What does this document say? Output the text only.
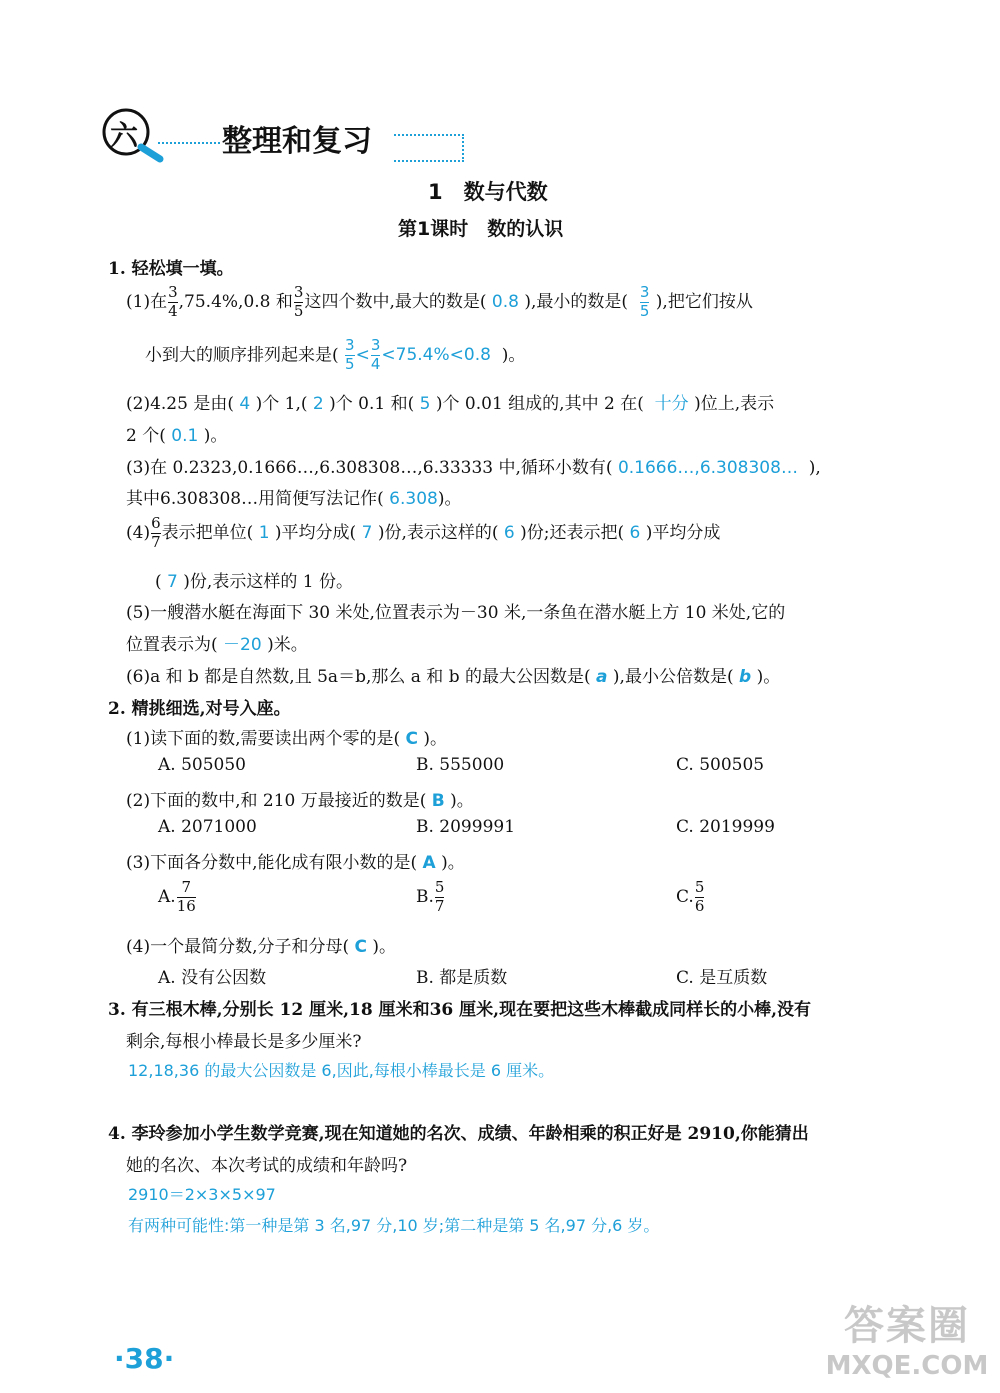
六	整理和复习
1　数与代数
第1课时　数的认识
1. 轻松填一填。
(1)在 $\frac{3}{4} ,75.4\%,0.8$ 和 $\frac{3}{5}$ 这四个数中,最大的数是( 0.8 ),最小的数是( $\frac{3}{5}$ ),把它们按从
小到大的顺序排列起来是( $\frac{3}{5} < \frac{3}{4} <75.4\%<0.8$ )。
(2)4.25 是由( 4 )个 1,( 2 )个 0.1 和( 5 )个 0.01 组成的,其中 2 在( 十分 )位上,表示
2 个( 0.1 )。
(3)在 0.2323,0.1666…,6.308308…,6.33333 中,循环小数有( 0.1666…,6.308308… ),
其中6.308308…用简便写法记作( 6.308)。
$(4) \frac{6}{7}$ 表示把单位( 1 )平均分成( 7 )份,表示这样的( 6 )份;还表示把( 6 )平均分成
( 7 )份,表示这样的 1 份。
(5)一艘潜水艇在海面下 30 米处,位置表示为－30 米,一条鱼在潜水艇上方 10 米处,它的
位置表示为( －20 )米。
(6)a 和 b 都是自然数,且 5a＝b,那么 a 和 b 的最大公因数是( a ),最小公倍数是( b )。
2. 精挑细选,对号入座。
(1)读下面的数,需要读出两个零的是( C )。
A. 505050	B. 555000	C. 500505
(2)下面的数中,和 210 万最接近的数是( B )。
A. 2071000	B. 2099991	C. 2019999
(3)下面各分数中,能化成有限小数的是( A )。
A. $\frac{7}{16}$	B. $\frac{5}{7}$	C. $\frac{5}{6}$
(4)一个最简分数,分子和分母( C )。
A. 没有公因数	B. 都是质数	C. 是互质数
3. 有三根木棒,分别长 12 厘米,18 厘米和36 厘米,现在要把这些木棒截成同样长的小棒,没有
剩余,每根小棒最长是多少厘米?
12,18,36 的最大公因数是 6,因此,每根小棒最长是 6 厘米。
4. 李玲参加小学生数学竞赛,现在知道她的名次、成绩、年龄相乘的积正好是 2910,你能猜出
她的名次、本次考试的成绩和年龄吗?
2910＝2×3×5×97
有两种可能性:第一种是第 3 名,97 分,10 岁;第二种是第 5 名,97 分,6 岁。
·38·
答案圈
MXQE.COM
